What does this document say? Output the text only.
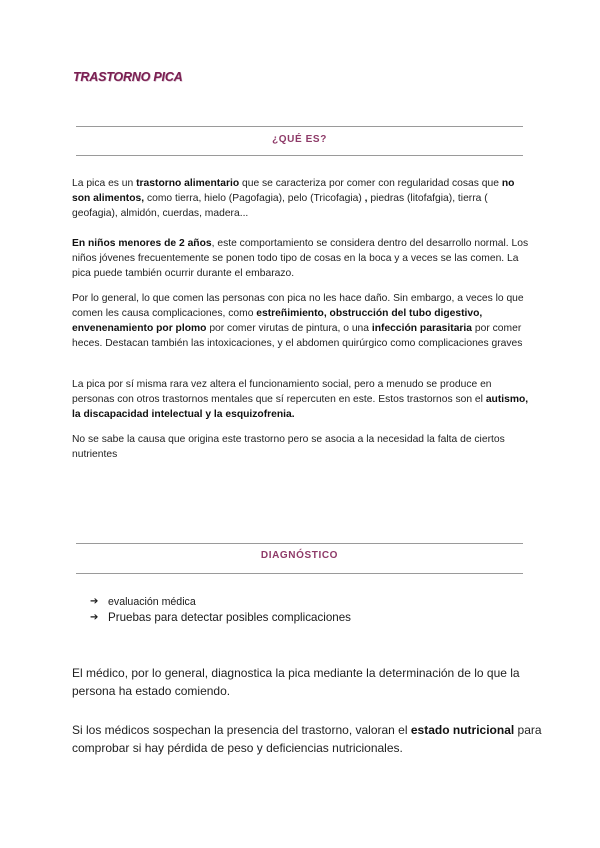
TRASTORNO PICA
¿QUÉ ES?

La pica es un trastorno alimentario que se caracteriza por comer con regularidad cosas que no son alimentos, como tierra, hielo (Pagofagia), pelo (Tricofagia) , piedras (litofafgia), tierra ( geofagia), almidón, cuerdas, madera...

En niños menores de 2 años, este comportamiento se considera dentro del desarrollo normal. Los niños jóvenes frecuentemente se ponen todo tipo de cosas en la boca y a veces se las comen. La pica puede también ocurrir durante el embarazo.

Por lo general, lo que comen las personas con pica no les hace daño. Sin embargo, a veces lo que comen les causa complicaciones, como estreñimiento, obstrucción del tubo digestivo, envenenamiento por plomo por comer virutas de pintura, o una infección parasitaria por comer heces. Destacan también las intoxicaciones, y el abdomen quirúrgico como complicaciones graves

La pica por sí misma rara vez altera el funcionamiento social, pero a menudo se produce en personas con otros trastornos mentales que sí repercuten en este. Estos trastornos son el autismo, la discapacidad intelectual y la esquizofrenia.

No se sabe la causa que origina este trastorno pero se asocia a la necesidad la falta de ciertos nutrientes

DIAGNÓSTICO
➔ evaluación médica
➔ Pruebas para detectar posibles complicaciones

El médico, por lo general, diagnostica la pica mediante la determinación de lo que la persona ha estado comiendo.

Si los médicos sospechan la presencia del trastorno, valoran el estado nutricional para comprobar si hay pérdida de peso y deficiencias nutricionales.
